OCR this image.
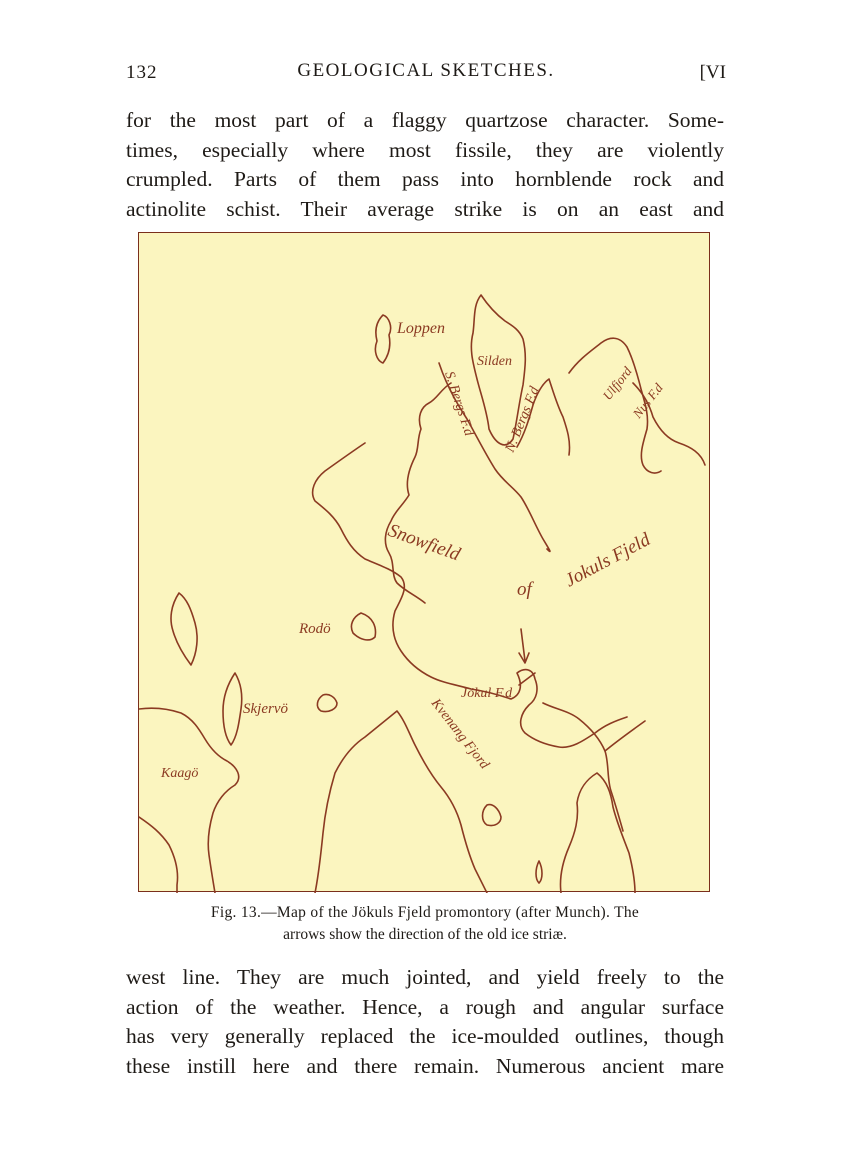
132	GEOLOGICAL SKETCHES.	[VI
for the most part of a flaggy quartzose character. Some-
times, especially where most fissile, they are violently
crumpled. Parts of them pass into hornblende rock and
actinolite schist. Their average strike is on an east and
Loppen
Silden
S. Bergs F.d N. Bergs F.d
Ulfjord
Nus F.d
Snowfield
of Jokuls Fjeld
Rodö
Skjervö
Kaagö
Jökul F.d
Kvenang Fjord
Fig. 13.—Map of the Jökuls Fjeld promontory (after Munch). The
arrows show the direction of the old ice striæ.
west line. They are much jointed, and yield freely to the
action of the weather. Hence, a rough and angular surface
has very generally replaced the ice-moulded outlines, though
these instill here and there remain. Numerous ancient mare
